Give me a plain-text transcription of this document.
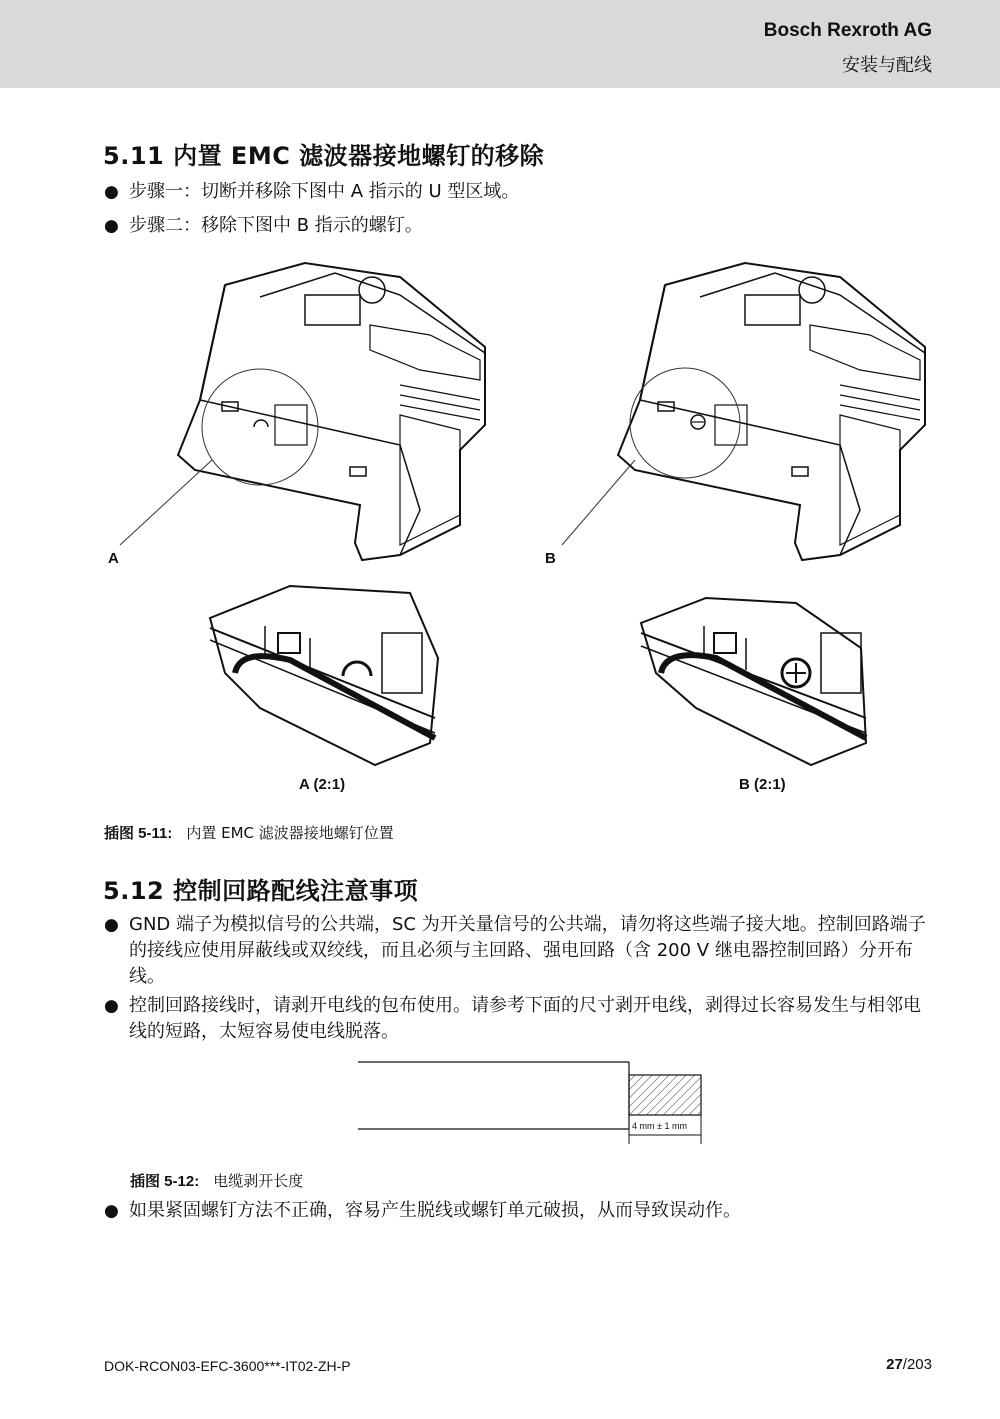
Bosch Rexroth AG
安装与配线
5.11 内置 EMC 滤波器接地螺钉的移除
● 步骤一：切断并移除下图中 A 指示的 U 型区域。
● 步骤二：移除下图中 B 指示的螺钉。
A	B
A (2:1)	B (2:1)
插图 5-11: 内置 EMC 滤波器接地螺钉位置
5.12 控制回路配线注意事项
● GND 端子为模拟信号的公共端，SC 为开关量信号的公共端，请勿将这些端子接大地。控制回路端子的接线应使用屏蔽线或双绞线，而且必须与主回路、强电回路（含 200 V 继电器控制回路）分开布线。
● 控制回路接线时，请剥开电线的包布使用。请参考下面的尺寸剥开电线，剥得过长容易发生与相邻电线的短路，太短容易使电线脱落。
4 mm ± 1 mm
插图 5-12: 电缆剥开长度
● 如果紧固螺钉方法不正确，容易产生脱线或螺钉单元破损，从而导致误动作。
DOK-RCON03-EFC-3600***-IT02-ZH-P	27/203
